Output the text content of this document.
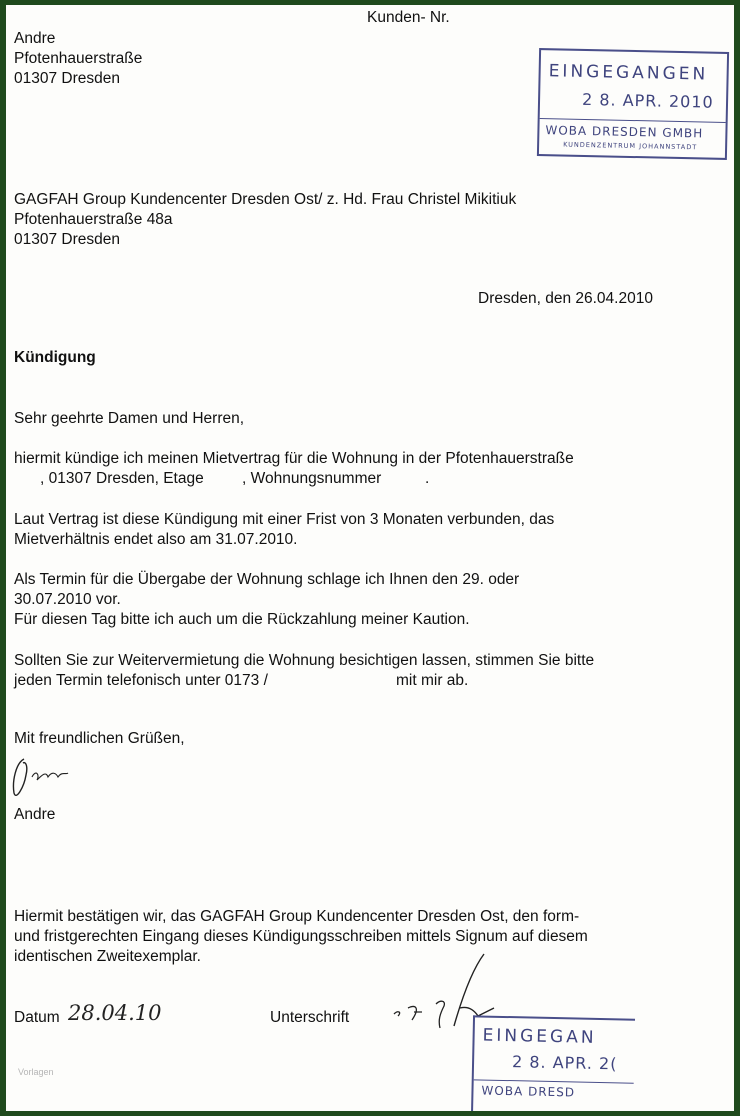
Kunden- Nr.
Andre
Pfotenhauerstraße
01307 Dresden	EINGEGANGEN
2 8. APR. 2010
WOBA DRESDEN GMBH
KUNDENZENTRUM JOHANNSTADT
GAGFAH Group Kundencenter Dresden Ost/ z. Hd. Frau Christel Mikitiuk
Pfotenhauerstraße 48a
01307 Dresden
Dresden, den 26.04.2010
Kündigung
Sehr geehrte Damen und Herren,
hiermit kündige ich meinen Mietvertrag für die Wohnung in der Pfotenhauerstraße
, 01307 Dresden, Etage , Wohnungsnummer	.
Laut Vertrag ist diese Kündigung mit einer Frist von 3 Monaten verbunden, das
Mietverhältnis endet also am 31.07.2010.
Als Termin für die Übergabe der Wohnung schlage ich Ihnen den 29. oder
30.07.2010 vor.
Für diesen Tag bitte ich auch um die Rückzahlung meiner Kaution.
Sollten Sie zur Weitervermietung die Wohnung besichtigen lassen, stimmen Sie bitte
jeden Termin telefonisch unter 0173 /	mit mir ab.
Mit freundlichen Grüßen,
Andre
Hiermit bestätigen wir, das GAGFAH Group Kundencenter Dresden Ost, den form-
und fristgerechten Eingang dieses Kündigungsschreiben mittels Signum auf diesem
identischen Zweitexemplar.
Datum 28.04.10	Unterschrift
EINGEGAN
2 8. APR. 2(
WOBA DRESD
Vorlagen
